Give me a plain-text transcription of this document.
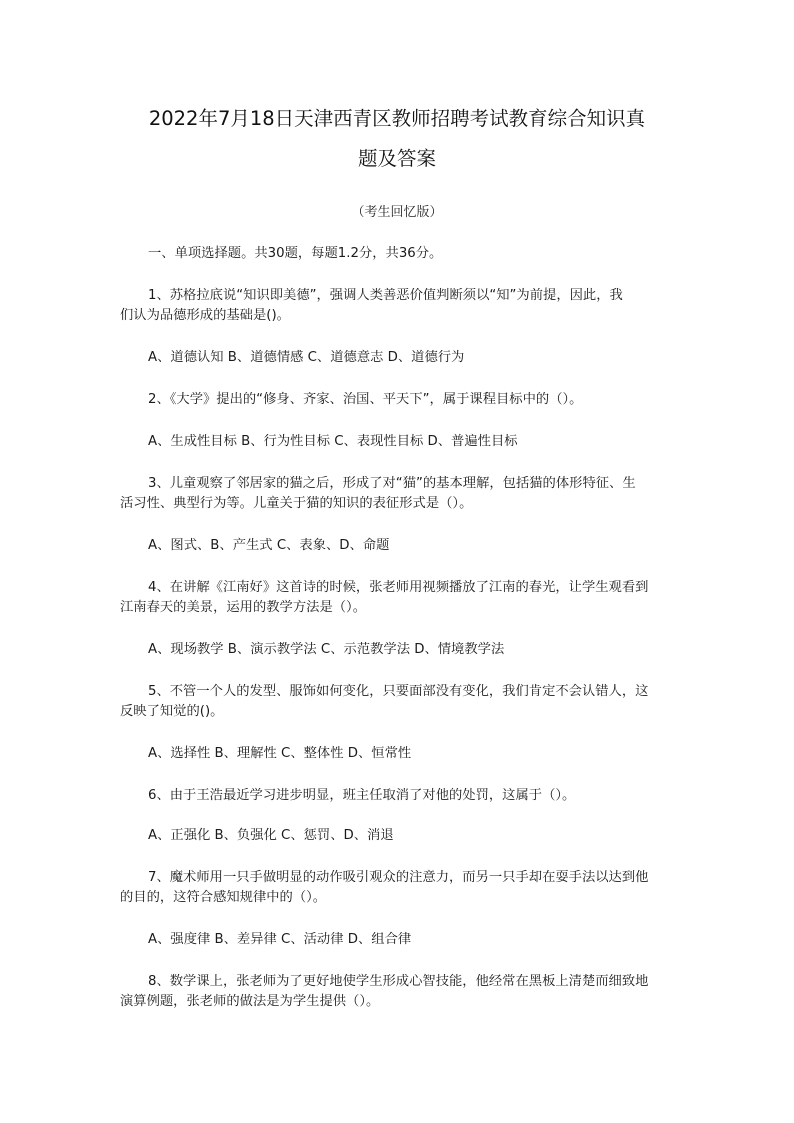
2022年7月18日天津西青区教师招聘考试教育综合知识真
题及答案
（考生回忆版）
一、单项选择题。共30题，每题1.2分，共36分。
1、苏格拉底说“知识即美德”，强调人类善恶价值判断须以“知”为前提，因此，我
们认为品德形成的基础是()。
A、道德认知 B、道德情感 C、道德意志 D、道德行为
2、《大学》提出的“修身、齐家、治国、平天下”，属于课程目标中的（）。
A、生成性目标 B、行为性目标 C、表现性目标 D、普遍性目标
3、儿童观察了邻居家的猫之后，形成了对“猫”的基本理解，包括猫的体形特征、生
活习性、典型行为等。儿童关于猫的知识的表征形式是（）。
A、图式、B、产生式 C、表象、D、命题
4、在讲解《江南好》这首诗的时候，张老师用视频播放了江南的春光，让学生观看到
江南春天的美景，运用的教学方法是（）。
A、现场教学 B、演示教学法 C、示范教学法 D、情境教学法
5、不管一个人的发型、服饰如何变化，只要面部没有变化，我们肯定不会认错人，这
反映了知觉的()。
A、选择性 B、理解性 C、整体性 D、恒常性
6、由于王浩最近学习进步明显，班主任取消了对他的处罚，这属于（）。
A、正强化 B、负强化 C、惩罚、D、消退
7、魔术师用一只手做明显的动作吸引观众的注意力，而另一只手却在耍手法以达到他
的目的，这符合感知规律中的（）。
A、强度律 B、差异律 C、活动律 D、组合律
8、数学课上，张老师为了更好地使学生形成心智技能，他经常在黑板上清楚而细致地
演算例题，张老师的做法是为学生提供（）。
